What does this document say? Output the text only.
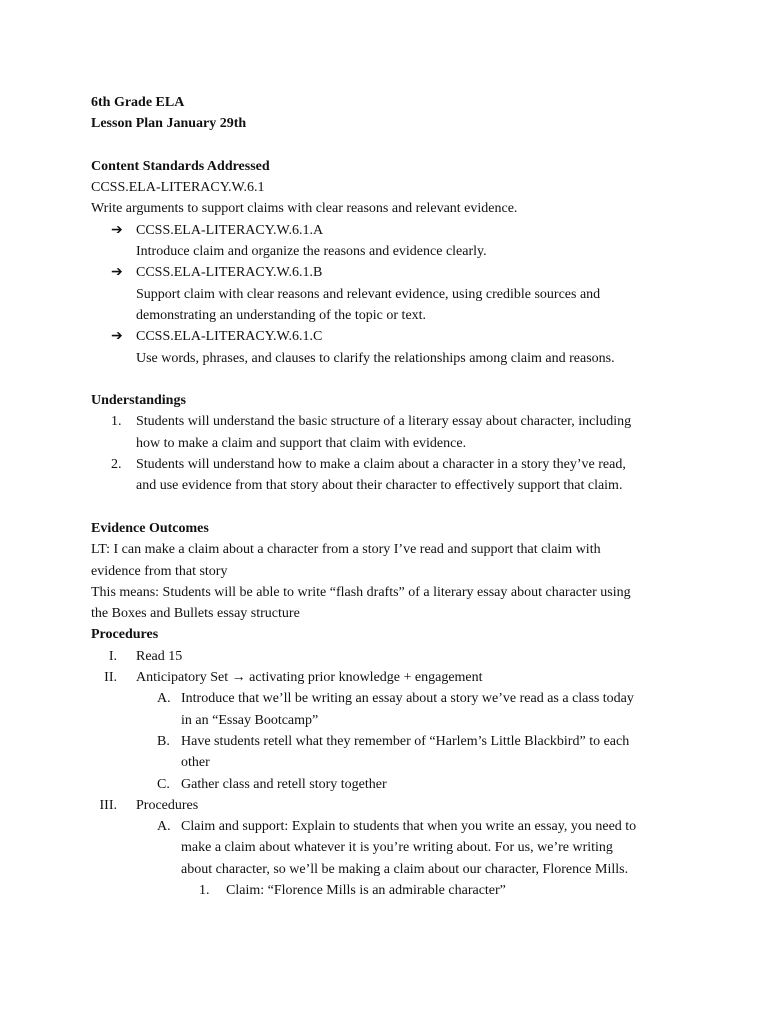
6th Grade ELA
Lesson Plan January 29th
Content Standards Addressed
CCSS.ELA-LITERACY.W.6.1
Write arguments to support claims with clear reasons and relevant evidence.
➔ CCSS.ELA-LITERACY.W.6.1.A
Introduce claim and organize the reasons and evidence clearly.
➔ CCSS.ELA-LITERACY.W.6.1.B
Support claim with clear reasons and relevant evidence, using credible sources and
demonstrating an understanding of the topic or text.
➔ CCSS.ELA-LITERACY.W.6.1.C
Use words, phrases, and clauses to clarify the relationships among claim and reasons.
Understandings
1. Students will understand the basic structure of a literary essay about character, including
how to make a claim and support that claim with evidence.
2. Students will understand how to make a claim about a character in a story they’ve read,
and use evidence from that story about their character to effectively support that claim.
Evidence Outcomes
LT: I can make a claim about a character from a story I’ve read and support that claim with
evidence from that story
This means: Students will be able to write “flash drafts” of a literary essay about character using
the Boxes and Bullets essay structure
Procedures
I. Read 15
II. Anticipatory Set → activating prior knowledge + engagement
A. Introduce that we’ll be writing an essay about a story we’ve read as a class today
in an “Essay Bootcamp”
B. Have students retell what they remember of “Harlem’s Little Blackbird” to each
other
C. Gather class and retell story together
III. Procedures
A. Claim and support: Explain to students that when you write an essay, you need to
make a claim about whatever it is you’re writing about. For us, we’re writing
about character, so we’ll be making a claim about our character, Florence Mills.
1. Claim: “Florence Mills is an admirable character”
